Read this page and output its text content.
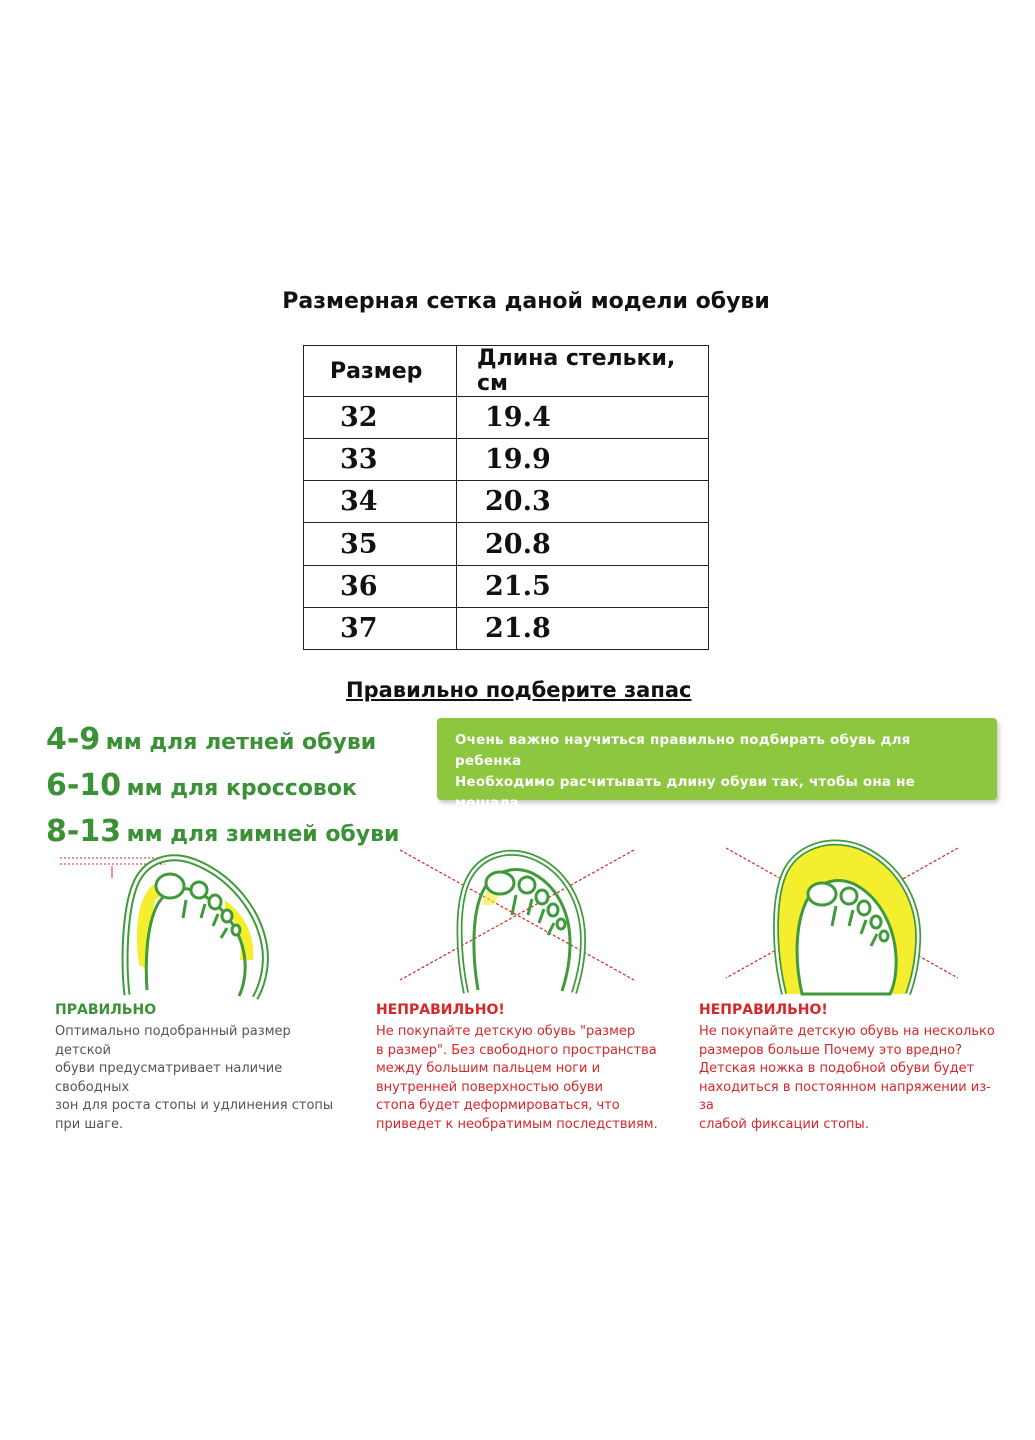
Размерная сетка даной модели обуви
Размер	Длина стельки, см
32	19.4
33	19.9
34	20.3
35	20.8
36	21.5
37	21.8
Правильно подберите запас
4-9 мм для летней обуви
6-10 мм для кроссовок
8-13 мм для зимней обуви

Очень важно научиться правильно подбирать обувь для ребенка
Необходимо расчитывать длину обуви так, чтобы она не мешала
расти детской ножке.

ПРАВИЛЬНО
Оптимально подобранный размер детской
обуви предусматривает наличие свободных
зон для роста стопы и удлинения стопы
при шаге.
НЕПРАВИЛЬНО!
Не покупайте детскую обувь "размер
в размер". Без свободного пространства
между большим пальцем ноги и
внутренней поверхностью обуви
стопа будет деформироваться, что
приведет к необратимым последствиям.
НЕПРАВИЛЬНО!
Не покупайте детскую обувь на несколько
размеров больше Почему это вредно?
Детская ножка в подобной обуви будет
находиться в постоянном напряжении из-за
слабой фиксации стопы.
